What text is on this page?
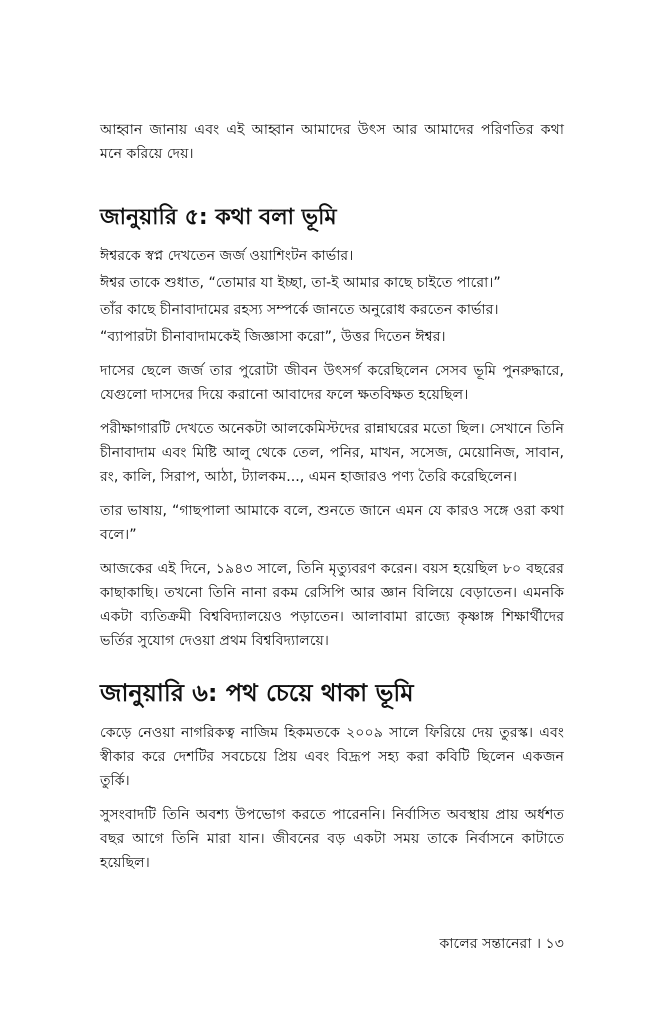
আহ্বান জানায় এবং এই আহ্বান আমাদের উৎস আর আমাদের পরিণতির কথা মনে করিয়ে দেয়।

জানুয়ারি ৫: কথা বলা ভূমি

ঈশ্বরকে স্বপ্ন দেখতেন জর্জ ওয়াশিংটন কার্ভার।

ঈশ্বর তাকে শুধাত, “তোমার যা ইচ্ছা, তা-ই আমার কাছে চাইতে পারো।”

তাঁর কাছে চীনাবাদামের রহস্য সম্পর্কে জানতে অনুরোধ করতেন কার্ভার।

“ব্যাপারটা চীনাবাদামকেই জিজ্ঞাসা করো”, উত্তর দিতেন ঈশ্বর।

দাসের ছেলে জর্জ তার পুরোটা জীবন উৎসর্গ করেছিলেন সেসব ভূমি পুনরুদ্ধারে, যেগুলো দাসদের দিয়ে করানো আবাদের ফলে ক্ষতবিক্ষত হয়েছিল।

পরীক্ষাগারটি দেখতে অনেকটা আলকেমিস্টদের রান্নাঘরের মতো ছিল। সেখানে তিনি চীনাবাদাম এবং মিষ্টি আলু থেকে তেল, পনির, মাখন, সসেজ, মেয়োনিজ, সাবান, রং, কালি, সিরাপ, আঠা, ট্যালকম..., এমন হাজারও পণ্য তৈরি করেছিলেন।

তার ভাষায়, “গাছপালা আমাকে বলে, শুনতে জানে এমন যে কারও সঙ্গে ওরা কথা বলে।”

আজকের এই দিনে, ১৯৪৩ সালে, তিনি মৃত্যুবরণ করেন। বয়স হয়েছিল ৮০ বছরের কাছাকাছি। তখনো তিনি নানা রকম রেসিপি আর জ্ঞান বিলিয়ে বেড়াতেন। এমনকি একটা ব্যতিক্রমী বিশ্ববিদ্যালয়েও পড়াতেন। আলাবামা রাজ্যে কৃষ্ণাঙ্গ শিক্ষার্থীদের ভর্তির সুযোগ দেওয়া প্রথম বিশ্ববিদ্যালয়ে।

জানুয়ারি ৬: পথ চেয়ে থাকা ভূমি

কেড়ে নেওয়া নাগরিকত্ব নাজিম হিকমতকে ২০০৯ সালে ফিরিয়ে দেয় তুরস্ক। এবং স্বীকার করে দেশটির সবচেয়ে প্রিয় এবং বিদ্রূপ সহ্য করা কবিটি ছিলেন একজন তুর্কি।

সুসংবাদটি তিনি অবশ্য উপভোগ করতে পারেননি। নির্বাসিত অবস্থায় প্রায় অর্ধশত বছর আগে তিনি মারা যান। জীবনের বড় একটা সময় তাকে নির্বাসনে কাটাতে হয়েছিল।

কালের সন্তানেরা । ১৩
